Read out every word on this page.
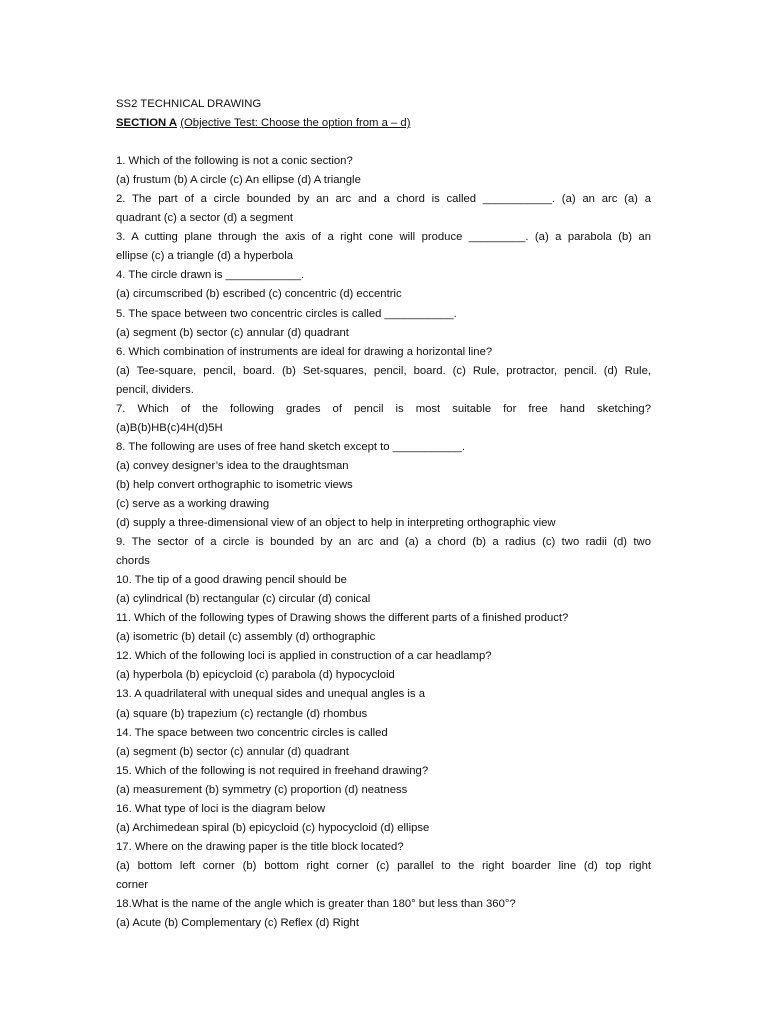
SS2 TECHNICAL DRAWING
SECTION A (Objective Test: Choose the option from a – d)
1. Which of the following is not a conic section?
(a) frustum (b) A circle (c) An ellipse (d) A triangle
2. The part of a circle bounded by an arc and a chord is called ___________. (a) an arc (a) a
quadrant (c) a sector (d) a segment
3. A cutting plane through the axis of a right cone will produce _________. (a) a parabola (b) an
ellipse (c) a triangle (d) a hyperbola
4. The circle drawn is ____________.
(a) circumscribed (b) escribed (c) concentric (d) eccentric
5. The space between two concentric circles is called ___________.
(a) segment (b) sector (c) annular (d) quadrant
6. Which combination of instruments are ideal for drawing a horizontal line?
(a) Tee-square, pencil, board. (b) Set-squares, pencil, board. (c) Rule, protractor, pencil. (d) Rule,
pencil, dividers.
7. Which of the following grades of pencil is most suitable for free hand sketching?
(a)B(b)HB(c)4H(d)5H
8. The following are uses of free hand sketch except to ___________.
(a) convey designer’s idea to the draughtsman
(b) help convert orthographic to isometric views
(c) serve as a working drawing
(d) supply a three-dimensional view of an object to help in interpreting orthographic view
9. The sector of a circle is bounded by an arc and (a) a chord (b) a radius (c) two radii (d) two
chords
10. The tip of a good drawing pencil should be
(a) cylindrical (b) rectangular (c) circular (d) conical
11. Which of the following types of Drawing shows the different parts of a finished product?
(a) isometric (b) detail (c) assembly (d) orthographic
12. Which of the following loci is applied in construction of a car headlamp?
(a) hyperbola (b) epicycloid (c) parabola (d) hypocycloid
13. A quadrilateral with unequal sides and unequal angles is a
(a) square (b) trapezium (c) rectangle (d) rhombus
14. The space between two concentric circles is called
(a) segment (b) sector (c) annular (d) quadrant
15. Which of the following is not required in freehand drawing?
(a) measurement (b) symmetry (c) proportion (d) neatness
16. What type of loci is the diagram below
(a) Archimedean spiral (b) epicycloid (c) hypocycloid (d) ellipse
17. Where on the drawing paper is the title block located?
(a) bottom left corner (b) bottom right corner (c) parallel to the right boarder line (d) top right
corner
18.What is the name of the angle which is greater than 180° but less than 360°?
(a) Acute (b) Complementary (c) Reflex (d) Right
